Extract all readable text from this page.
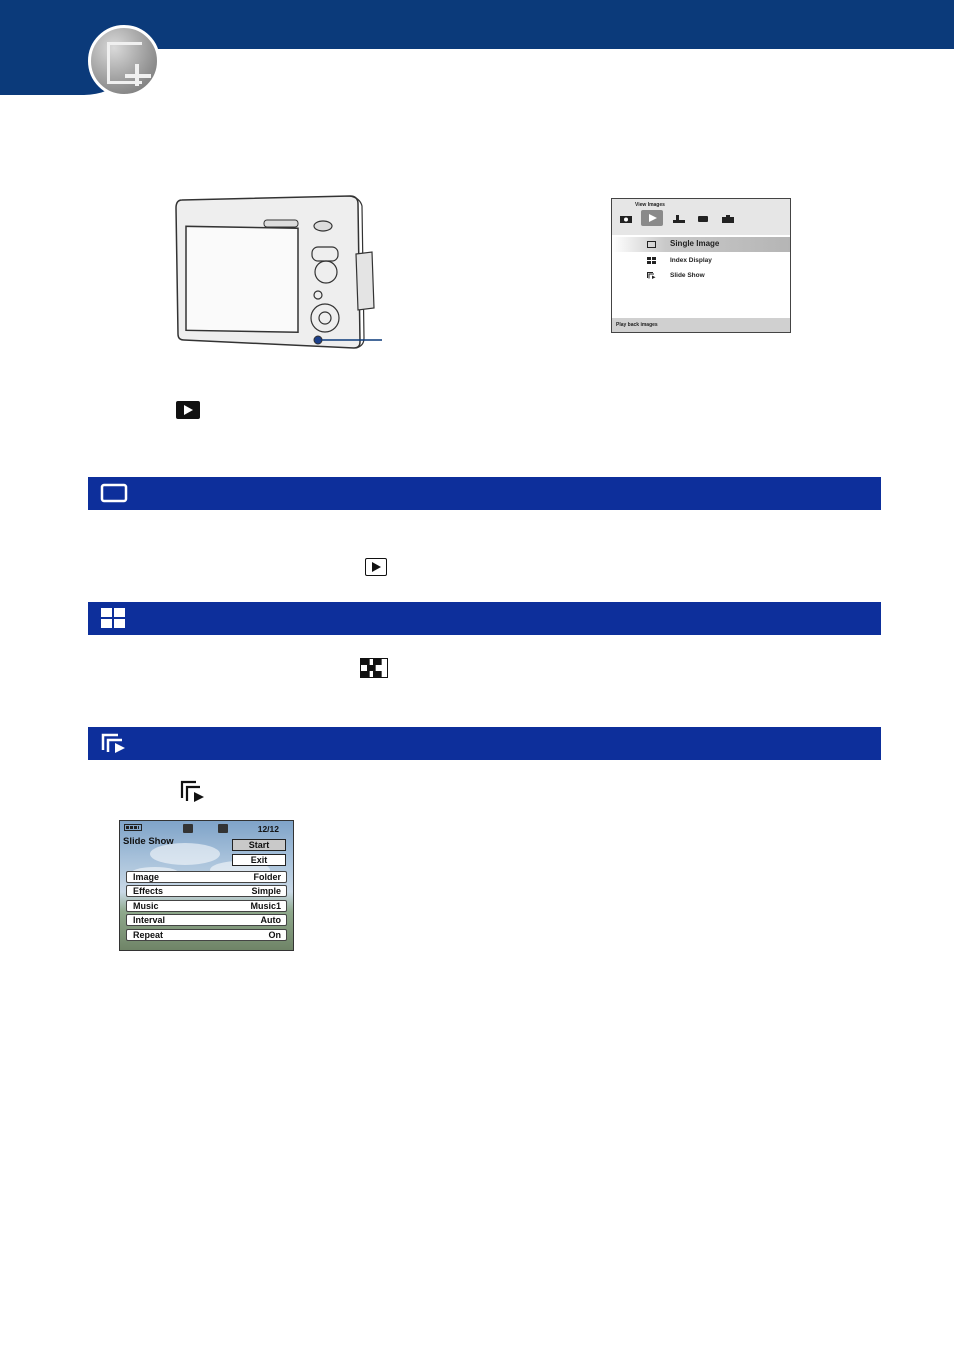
View Images
Single Image
Index Display
Slide Show
Play back images
12/12
Slide Show	Start
Exit
Image	Folder
Effects	Simple
Music	Music1
Interval	Auto
Repeat	On
